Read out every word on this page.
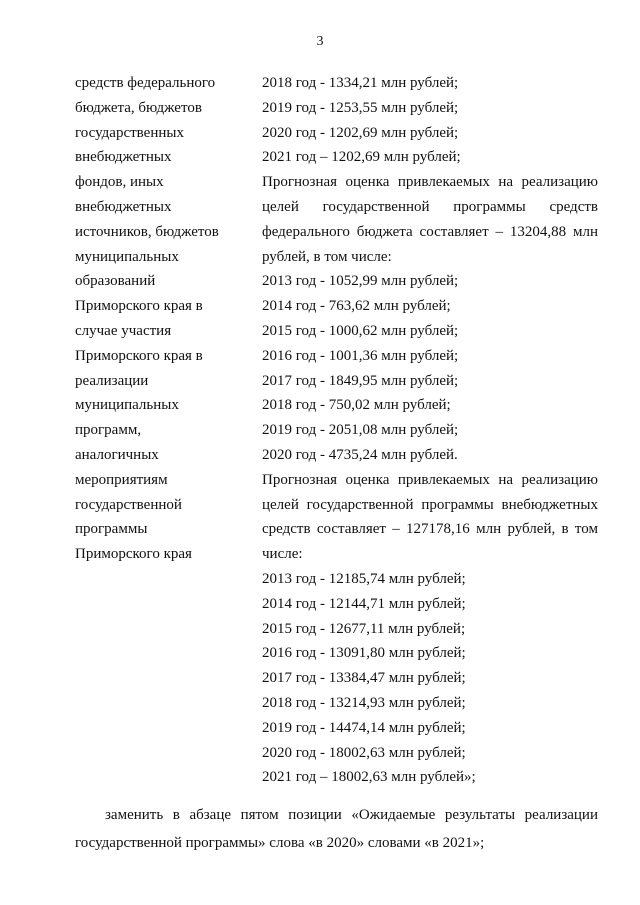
3
средств федерального
бюджета, бюджетов
государственных
внебюджетных
фондов, иных
внебюджетных
источников, бюджетов
муниципальных
образований
Приморского края в
случае участия
Приморского края в
реализации
муниципальных
программ,
аналогичных
мероприятиям
государственной
программы
Приморского края
2018 год - 1334,21 млн рублей;
2019 год - 1253,55 млн рублей;
2020 год - 1202,69 млн рублей;
2021 год – 1202,69 млн рублей;
Прогнозная оценка привлекаемых на реализацию
целей государственной программы средств
федерального бюджета составляет – 13204,88 млн
рублей, в том числе:
2013 год - 1052,99 млн рублей;
2014 год - 763,62 млн рублей;
2015 год - 1000,62 млн рублей;
2016 год - 1001,36 млн рублей;
2017 год - 1849,95 млн рублей;
2018 год - 750,02 млн рублей;
2019 год - 2051,08 млн рублей;
2020 год - 4735,24 млн рублей.
Прогнозная оценка привлекаемых на реализацию
целей государственной программы внебюджетных
средств составляет – 127178,16 млн рублей, в том
числе:
2013 год - 12185,74 млн рублей;
2014 год - 12144,71 млн рублей;
2015 год - 12677,11 млн рублей;
2016 год - 13091,80 млн рублей;
2017 год - 13384,47 млн рублей;
2018 год - 13214,93 млн рублей;
2019 год - 14474,14 млн рублей;
2020 год - 18002,63 млн рублей;
2021 год – 18002,63 млн рублей»;
заменить в абзаце пятом позиции «Ожидаемые результаты реализации
государственной программы» слова «в 2020» словами «в 2021»;
